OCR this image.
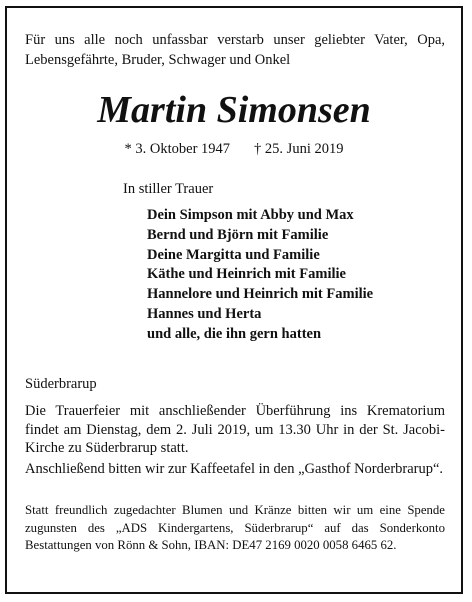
Für uns alle noch unfassbar verstarb unser geliebter Vater, Opa, Lebensgefährte, Bruder, Schwager und Onkel
Martin Simonsen
* 3. Oktober 1947 † 25. Juni 2019
In stiller Trauer
Dein Simpson mit Abby und Max
Bernd und Björn mit Familie
Deine Margitta und Familie
Käthe und Heinrich mit Familie
Hannelore und Heinrich mit Familie
Hannes und Herta
und alle, die ihn gern hatten
Süderbrarup
Die Trauerfeier mit anschließender Überführung ins Krematorium findet am Dienstag, dem 2. Juli 2019, um 13.30 Uhr in der St. Jacobi-Kirche zu Süderbrarup statt.
Anschließend bitten wir zur Kaffeetafel in den „Gasthof Norderbrarup“.
Statt freundlich zugedachter Blumen und Kränze bitten wir um eine Spende zugunsten des „ADS Kindergartens, Süderbrarup“ auf das Sonderkonto Bestattungen von Rönn & Sohn, IBAN: DE47 2169 0020 0058 6465 62.
